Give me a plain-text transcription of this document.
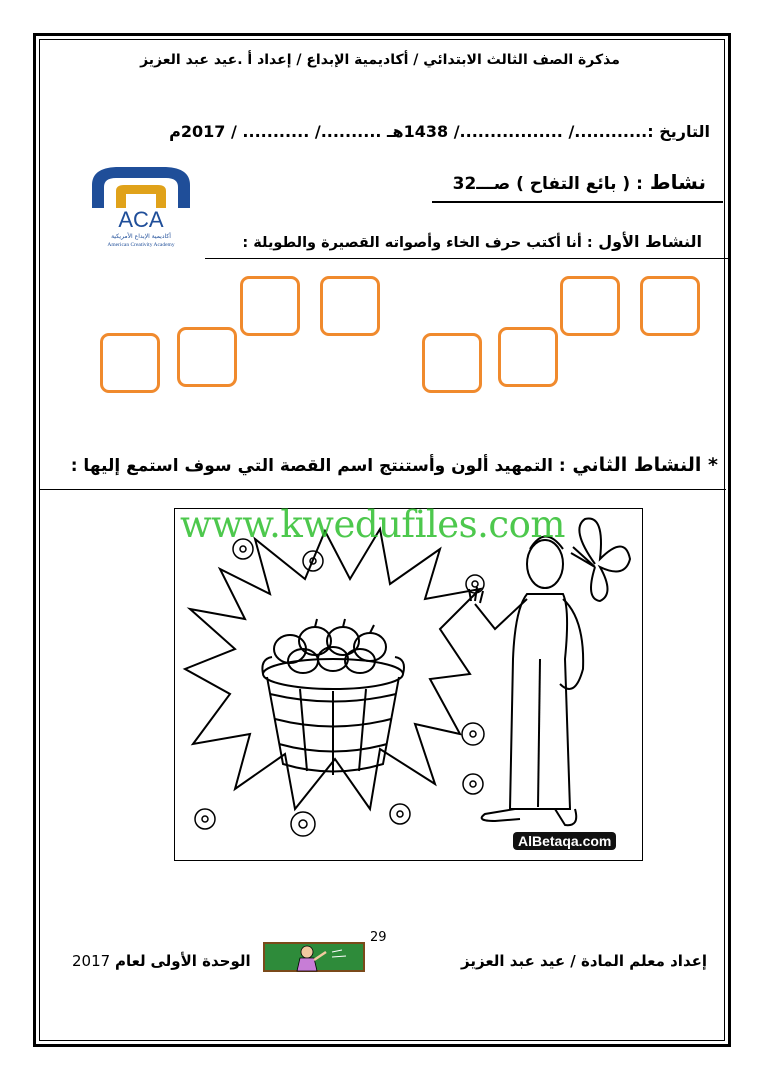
مذكرة الصف الثالث الابتدائي / أكاديمية الإبداع / إعداد أ .عيد عبد العزيز
التاريخ :............/ ................./ 1438هـ ........../ ........... / 2017م
نشاط : ( بائع التفاح ) صـــ32
ACA
أكاديمية الإبداع الأمريكية
American Creativity Academy	النشاط الأول : أنا أكتب حرف الخاء وأصواته القصيرة والطويلة :
* النشاط الثاني : التمهيد ألون وأستنتج اسم القصة التي سوف استمع إليها :
AlBetaqa.com
www.kwedufiles.com
29
إعداد معلم المادة / عيد عبد العزيز
الوحدة الأولى لعام 2017
